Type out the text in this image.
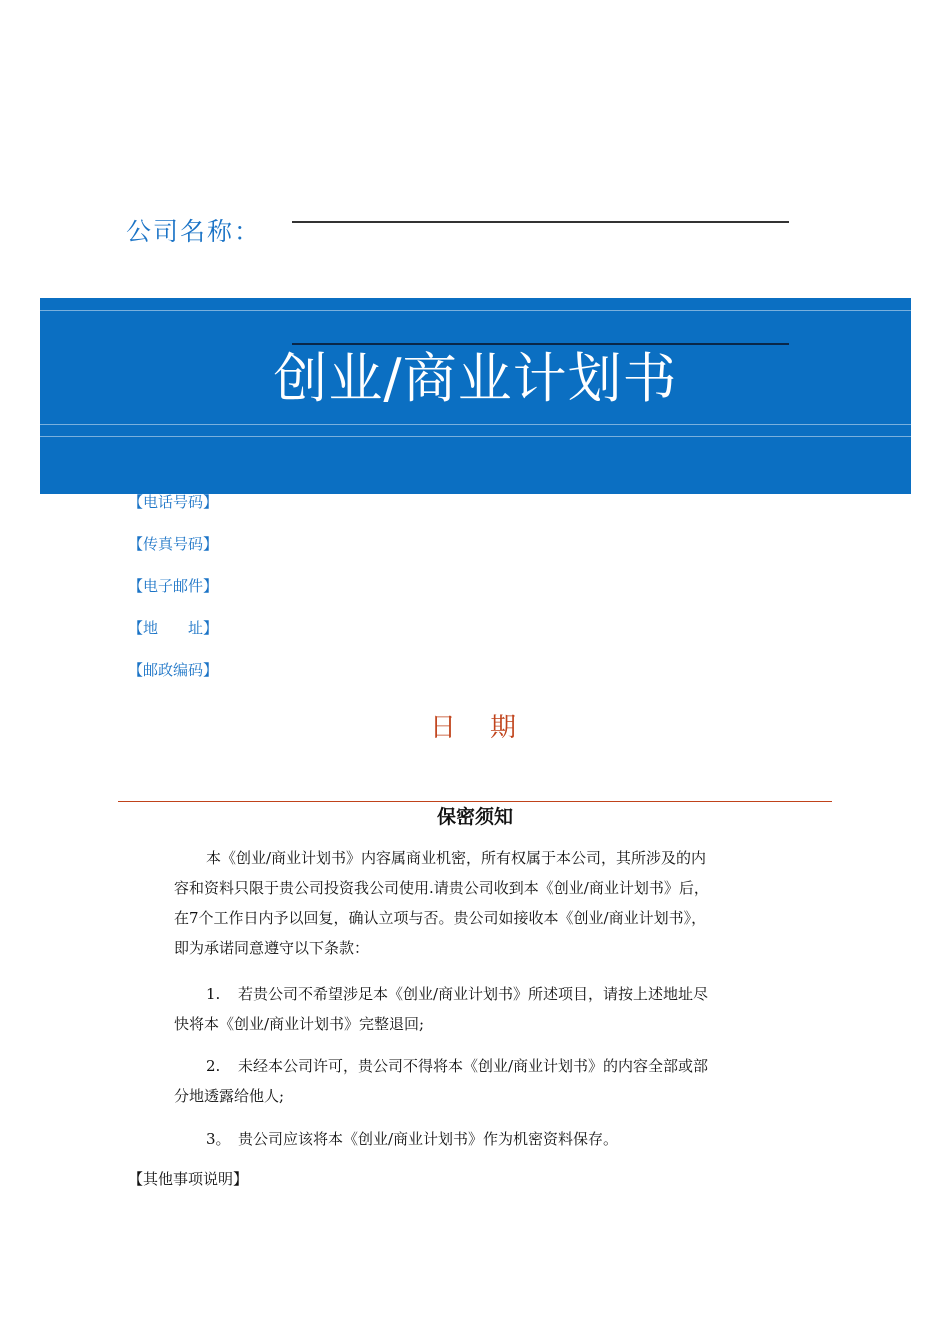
公司名称：
创业/商业计划书
【电话号码】
【传真号码】
【电子邮件】
【地　　址】
【邮政编码】
日　期
保密须知
本《创业/商业计划书》内容属商业机密，所有权属于本公司，其所涉及的内
容和资料只限于贵公司投资我公司使用.请贵公司收到本《创业/商业计划书》后，
在7个工作日内予以回复，确认立项与否。贵公司如接收本《创业/商业计划书》，
即为承诺同意遵守以下条款：
1. 若贵公司不希望涉足本《创业/商业计划书》所述项目，请按上述地址尽
快将本《创业/商业计划书》完整退回;
2. 未经本公司许可，贵公司不得将本《创业/商业计划书》的内容全部或部
分地透露给他人;
3。 贵公司应该将本《创业/商业计划书》作为机密资料保存。
【其他事项说明】
